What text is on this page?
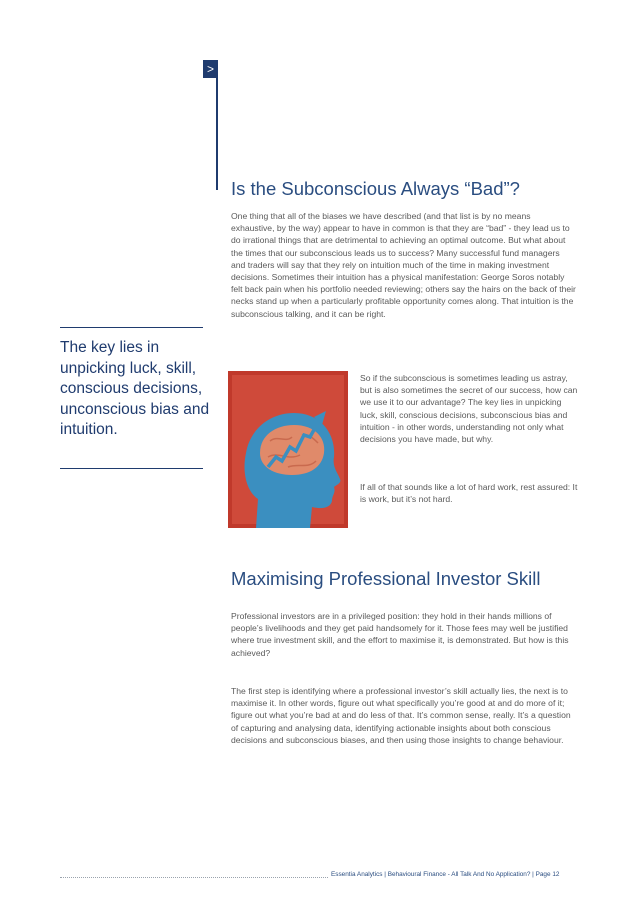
>
Is the Subconscious Always “Bad”?

One thing that all of the biases we have described (and that list is by no means exhaustive, by the way) appear to have in common is that they are “bad” - they lead us to do irrational things that are detrimental to achieving an optimal outcome. But what about the times that our subconscious leads us to success? Many successful fund managers and traders will say that they rely on intuition much of the time in making investment decisions. Sometimes their intuition has a physical manifestation: George Soros notably felt back pain when his portfolio needed reviewing; others say the hairs on the back of their necks stand up when a particularly profitable opportunity comes along. That intuition is the subconscious talking, and it can be right.

The key lies in unpicking luck, skill, conscious decisions, unconscious bias and intuition.

So if the subconscious is sometimes leading us astray, but is also sometimes the secret of our success, how can we use it to our advantage? The key lies in unpicking luck, skill, conscious decisions, subconscious bias and intuition - in other words, understanding not only what decisions you have made, but why.

If all of that sounds like a lot of hard work, rest assured: It is work, but it’s not hard.

Maximising Professional Investor Skill

Professional investors are in a privileged position: they hold in their hands millions of people’s livelihoods and they get paid handsomely for it. Those fees may well be justified where true investment skill, and the effort to maximise it, is demonstrated. But how is this achieved?

The first step is identifying where a professional investor’s skill actually lies, the next is to maximise it. In other words, figure out what specifically you’re good at and do more of it; figure out what you’re bad at and do less of that. It’s common sense, really. It’s a question of capturing and analysing data, identifying actionable insights about both conscious decisions and subconscious biases, and then using those insights to change behaviour.

Essentia Analytics | Behavioural Finance - All Talk And No Application? | Page 12
